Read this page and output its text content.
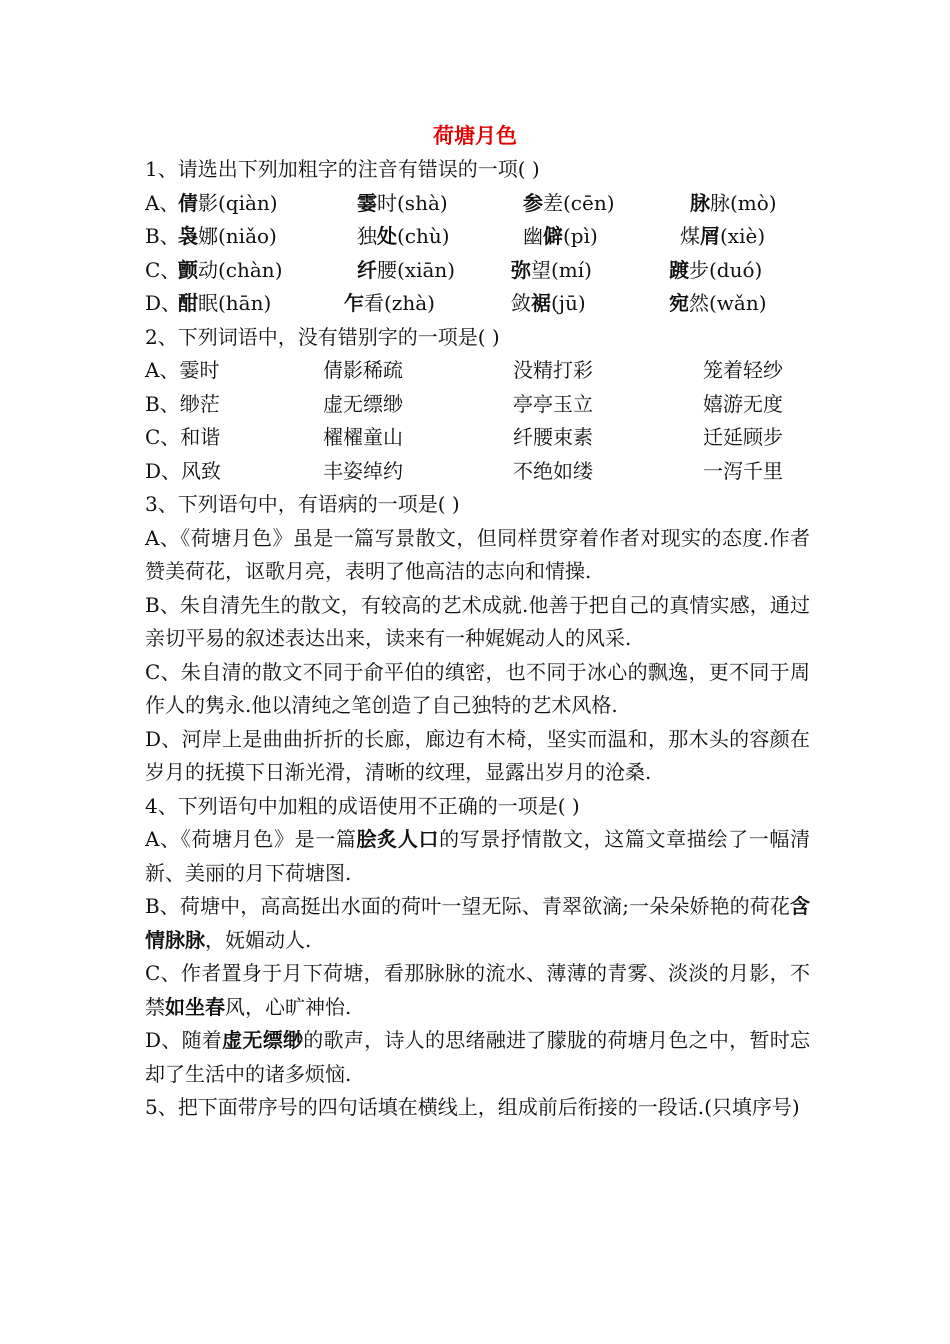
荷塘月色
1、请选出下列加粗字的注音有错误的一项( )
A、
倩影(qiàn)	霎时(shà)	参差(cēn)	脉脉(mò)
B、
袅娜(niǎo)	独处(chù)	幽僻(pì)	煤屑(xiè)
C、
颤动(chàn)	纤腰(xiān)	弥望(mí)	踱步(duó)
D、
酣眠(hān)	乍看(zhà)	敛裾(jū)	宛然(wǎn)
2、下列词语中，没有错别字的一项是( )
A、霎时	倩影稀疏	没精打彩	笼着轻纱
B、缈茫	虚无缥缈	亭亭玉立	嬉游无度
C、和谐	櫂櫂童山	纤腰束素	迁延顾步
D、风致	丰姿绰约	不绝如缕	一泻千里
3、下列语句中，有语病的一项是( )
A、《荷塘月色》虽是一篇写景散文，但同样贯穿着作者对现实的态度.作者赞美荷花，讴歌月亮，表明了他高洁的志向和情操.
B、朱自清先生的散文，有较高的艺术成就.他善于把自己的真情实感，通过亲切平易的叙述表达出来，读来有一种娓娓动人的风采.
C、朱自清的散文不同于俞平伯的缜密，也不同于冰心的飘逸，更不同于周作人的隽永.他以清纯之笔创造了自己独特的艺术风格.
D、河岸上是曲曲折折的长廊，廊边有木椅，坚实而温和，那木头的容颜在岁月的抚摸下日渐光滑，清晰的纹理，显露出岁月的沧桑.
4、下列语句中加粗的成语使用不正确的一项是( )
A、《荷塘月色》是一篇脍炙人口的写景抒情散文，这篇文章描绘了一幅清新、美丽的月下荷塘图.
B、荷塘中，高高挺出水面的荷叶一望无际、青翠欲滴;一朵朵娇艳的荷花含情脉脉，妩媚动人.
C、作者置身于月下荷塘，看那脉脉的流水、薄薄的青雾、淡淡的月影，不禁如坐春风，心旷神怡.
D、随着虚无缥缈的歌声，诗人的思绪融进了朦胧的荷塘月色之中，暂时忘却了生活中的诸多烦恼.
5、把下面带序号的四句话填在横线上，组成前后衔接的一段话.(只填序号)
